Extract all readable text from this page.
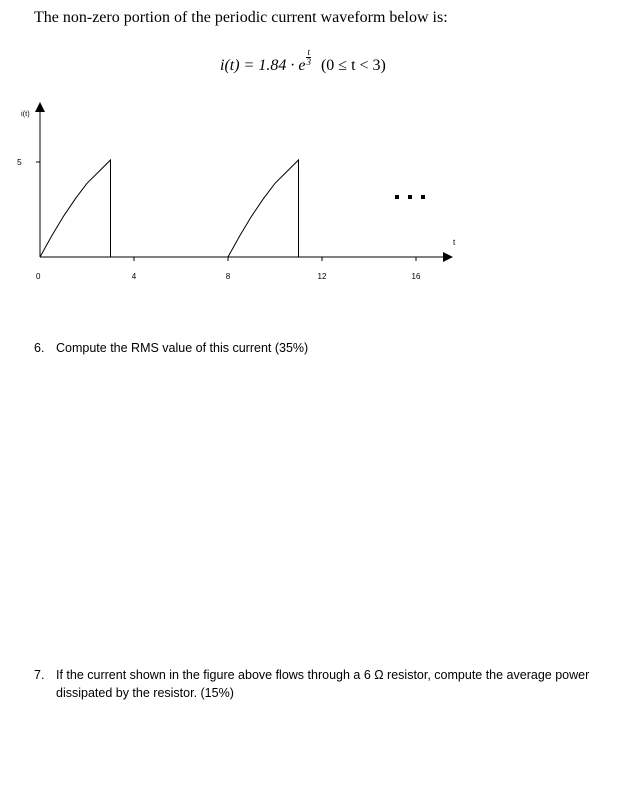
The non-zero portion of the periodic current waveform below is:
i(t) = 1.84 · e $\frac{t}{3} (0 \le t < 3)$
i(t)
t
0	4	8	12	16
5
6. Compute the RMS value of this current (35%)
7. If the current shown in the figure above flows through a 6 Ω resistor, compute the average power dissipated by the resistor. (15%)
